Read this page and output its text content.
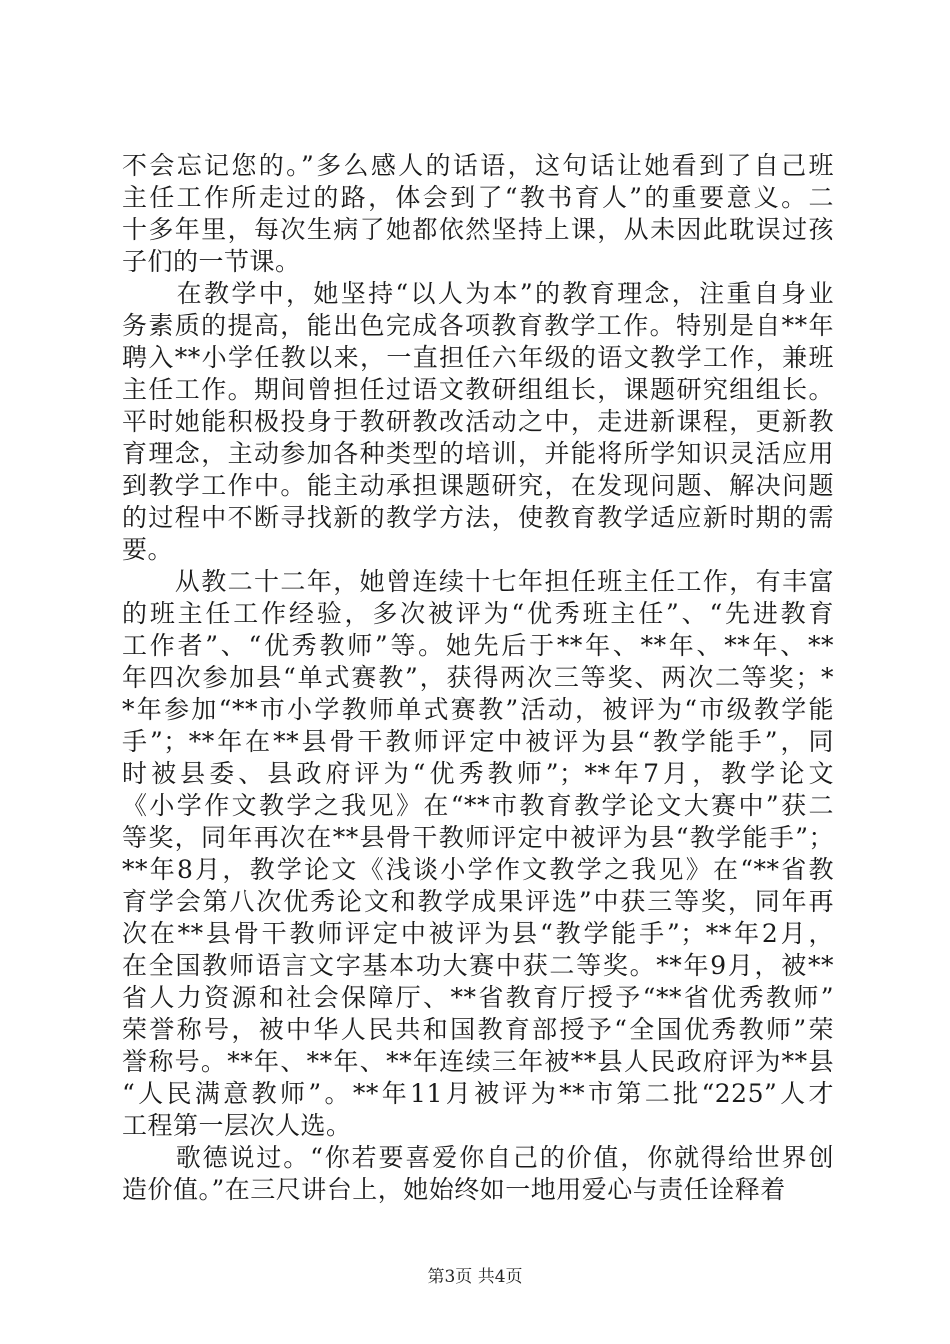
不会忘记您的。”多么感人的话语，这句话让她看到了自己班
主任工作所走过的路，体会到了“教书育人”的重要意义。二
十多年里，每次生病了她都依然坚持上课，从未因此耽误过孩
子们的一节课。
　　在教学中，她坚持“以人为本”的教育理念，注重自身业
务素质的提高，能出色完成各项教育教学工作。特别是自**年
聘入**小学任教以来，一直担任六年级的语文教学工作，兼班
主任工作。期间曾担任过语文教研组组长，课题研究组组长。
平时她能积极投身于教研教改活动之中，走进新课程，更新教
育理念，主动参加各种类型的培训，并能将所学知识灵活应用
到教学工作中。能主动承担课题研究，在发现问题、解决问题
的过程中不断寻找新的教学方法，使教育教学适应新时期的需
要。
　　从教二十二年，她曾连续十七年担任班主任工作，有丰富
的班主任工作经验，多次被评为“优秀班主任”、“先进教育
工作者”、“优秀教师”等。她先后于**年、**年、**年、**
年四次参加县“单式赛教”，获得两次三等奖、两次二等奖；*
*年参加“**市小学教师单式赛教”活动，被评为“市级教学能
手”；**年在**县骨干教师评定中被评为县“教学能手”，同
时被县委、县政府评为“优秀教师”；**年7月，教学论文
《小学作文教学之我见》在“**市教育教学论文大赛中”获二
等奖，同年再次在**县骨干教师评定中被评为县“教学能手”；
**年8月，教学论文《浅谈小学作文教学之我见》在“**省教
育学会第八次优秀论文和教学成果评选”中获三等奖，同年再
次在**县骨干教师评定中被评为县“教学能手”；**年2月，
在全国教师语言文字基本功大赛中获二等奖。**年9月，被**
省人力资源和社会保障厅、**省教育厅授予“**省优秀教师”
荣誉称号，被中华人民共和国教育部授予“全国优秀教师”荣
誉称号。**年、**年、**年连续三年被**县人民政府评为**县
“人民满意教师”。**年11月被评为**市第二批“225”人才
工程第一层次人选。
　　歌德说过。“你若要喜爱你自己的价值，你就得给世界创
造价值。”在三尺讲台上，她始终如一地用爱心与责任诠释着
第3页 共4页
